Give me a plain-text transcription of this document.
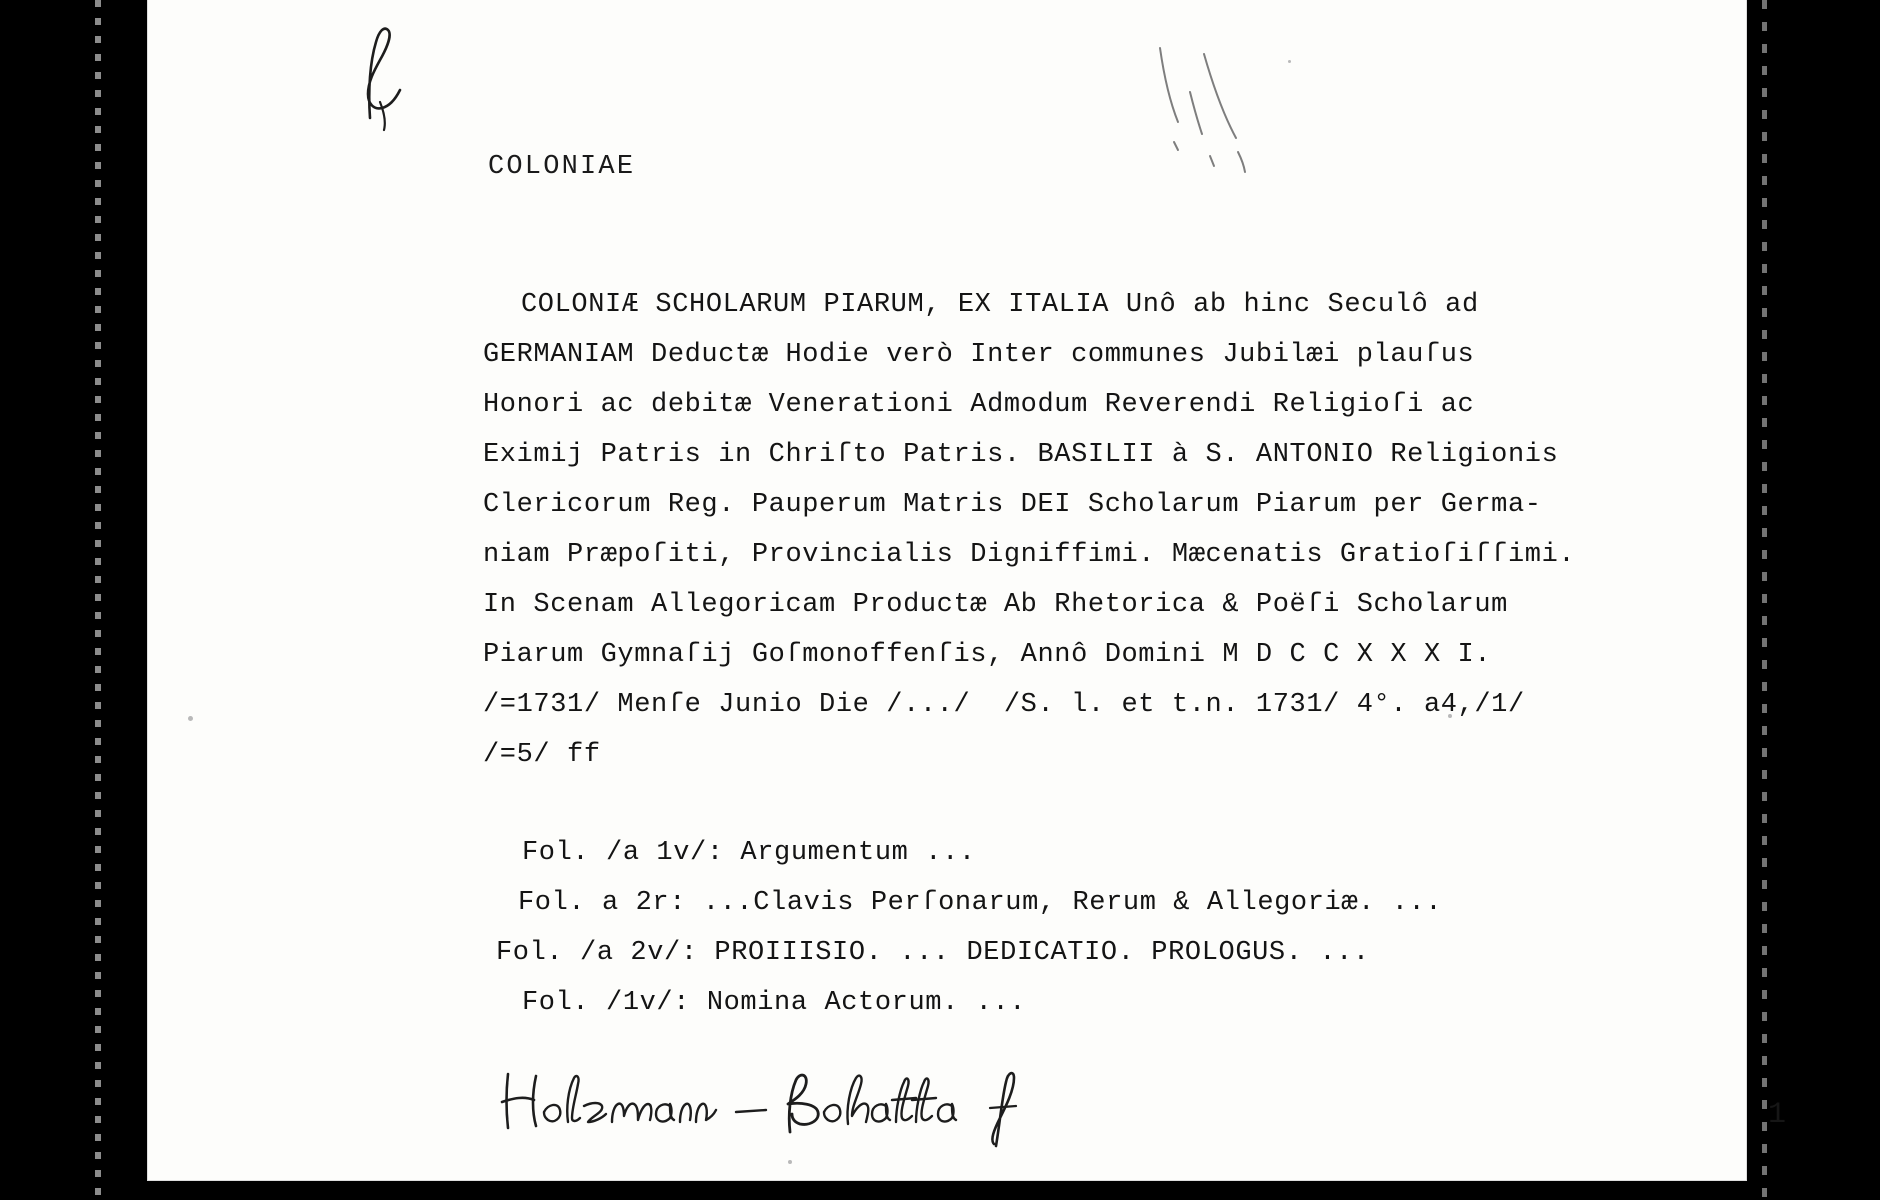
COLONIAE
COLONIÆ SCHOLARUM PIARUM, EX ITALIA Unô ab hinc Seculô ad
GERMANIAM Deductæ Hodie verò Inter communes Jubilæi plauſus
Honori ac debitæ Venerationi Admodum Reverendi Religioſi ac
Eximij Patris in Chriſto Patris. BASILII à S. ANTONIO Religionis
Clericorum Reg. Pauperum Matris DEI Scholarum Piarum per Germa-
niam Præpoſiti, Provincialis Digniffimi. Mæcenatis Gratioſiſſimi.
In Scenam Allegoricam Productæ Ab Rhetorica & Poëſi Scholarum
Piarum Gymnaſij Goſmonoffenſis, Annô Domini M D C C X X X I.
/=1731/ Menſe Junio Die /.../  /S. l. et t.n. 1731/ 4°. a4,/1/
/=5/ ff
Fol. /a 1v/: Argumentum ...
Fol. a 2r: ...Clavis Perſonarum, Rerum & Allegoriæ. ...
Fol. /a 2v/: PROIIISIO. ... DEDICATIO. PROLOGUS. ...
Fol. /1v/: Nomina Actorum. ...
1
